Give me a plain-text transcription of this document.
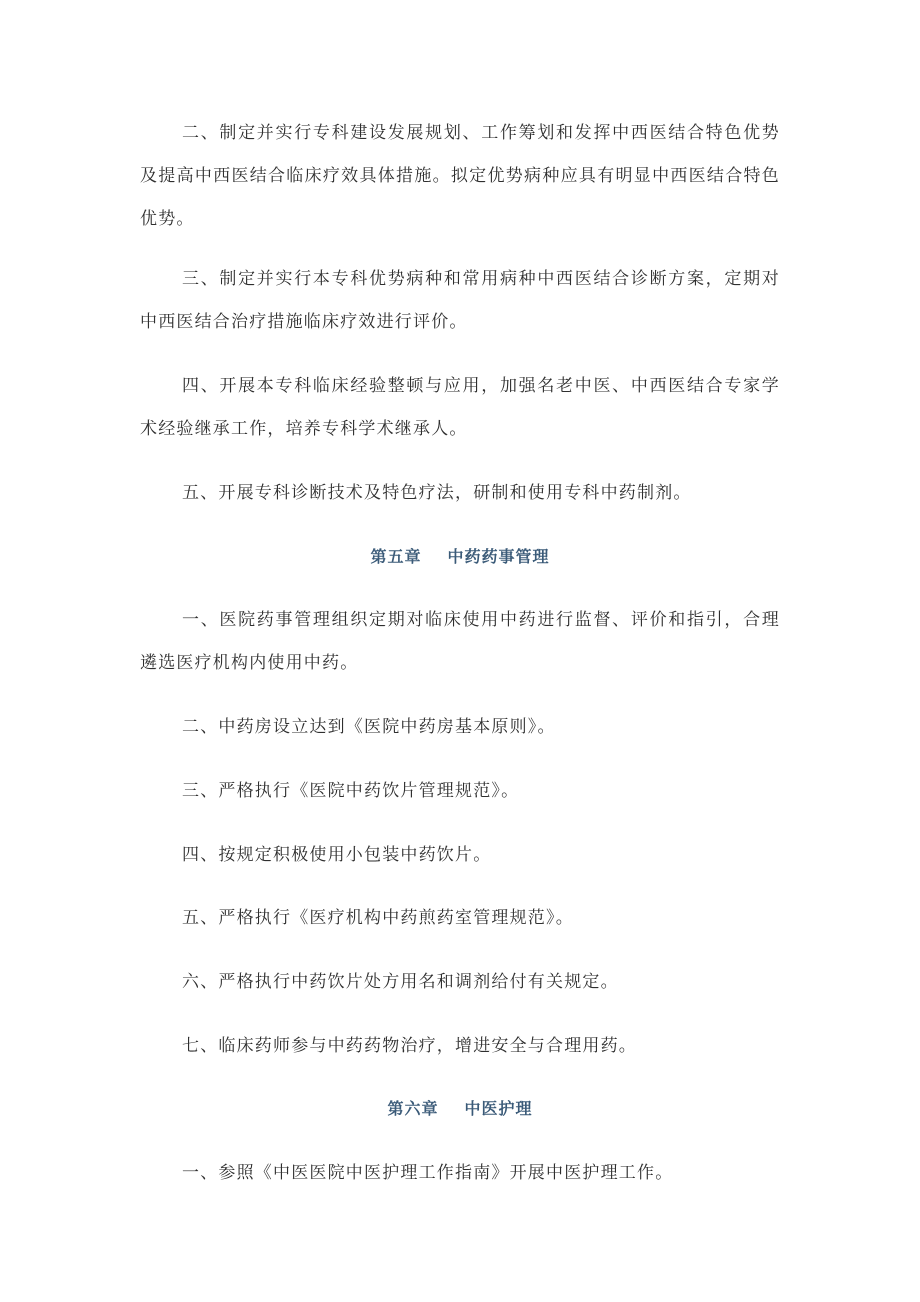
二、制定并实行专科建设发展规划、工作筹划和发挥中西医结合特色优势及提高中西医结合临床疗效具体措施。拟定优势病种应具有明显中西医结合特色优势。

三、制定并实行本专科优势病种和常用病种中西医结合诊断方案，定期对中西医结合治疗措施临床疗效进行评价。

四、开展本专科临床经验整顿与应用，加强名老中医、中西医结合专家学术经验继承工作，培养专科学术继承人。

五、开展专科诊断技术及特色疗法，研制和使用专科中药制剂。

第五章 中药药事管理

一、医院药事管理组织定期对临床使用中药进行监督、评价和指引，合理遴选医疗机构内使用中药。

二、中药房设立达到《医院中药房基本原则》。

三、严格执行《医院中药饮片管理规范》。

四、按规定积极使用小包装中药饮片。

五、严格执行《医疗机构中药煎药室管理规范》。

六、严格执行中药饮片处方用名和调剂给付有关规定。

七、临床药师参与中药药物治疗，增进安全与合理用药。

第六章 中医护理

一、参照《中医医院中医护理工作指南》开展中医护理工作。
